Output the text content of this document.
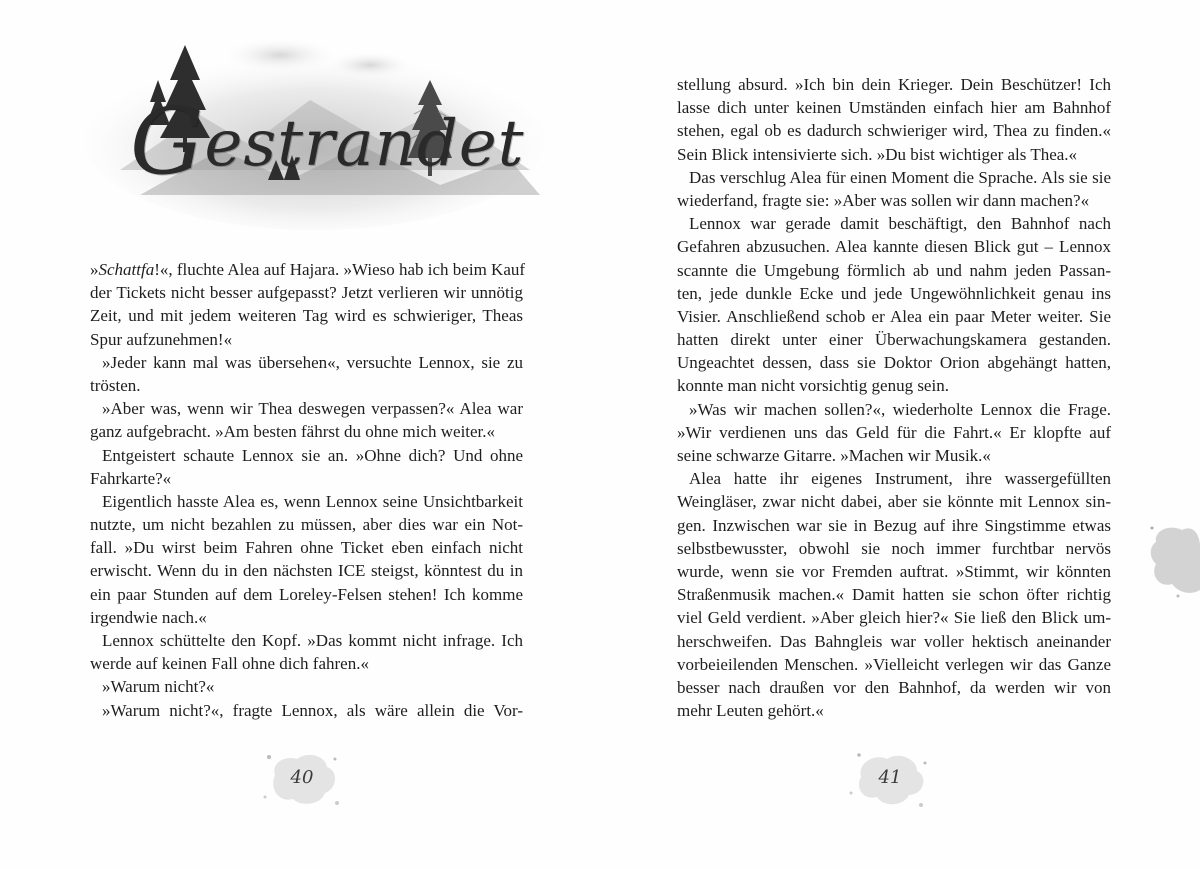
Gestrandet
»Schattfa!«, fluchte Alea auf Hajara. »Wieso hab ich beim Kauf
der Tickets nicht besser aufgepasst? Jetzt verlieren wir unnötig
Zeit, und mit jedem weiteren Tag wird es schwieriger, Theas
Spur aufzunehmen!«
»Jeder kann mal was übersehen«, versuchte Lennox, sie zu
trösten.
»Aber was, wenn wir Thea deswegen verpassen?« Alea war
ganz aufgebracht. »Am besten fährst du ohne mich weiter.«
Entgeistert schaute Lennox sie an. »Ohne dich? Und ohne
Fahrkarte?«
Eigentlich hasste Alea es, wenn Lennox seine Unsichtbarkeit
nutzte, um nicht bezahlen zu müssen, aber dies war ein Not-
fall. »Du wirst beim Fahren ohne Ticket eben einfach nicht
erwischt. Wenn du in den nächsten ICE steigst, könntest du in
ein paar Stunden auf dem Loreley-Felsen stehen! Ich komme
irgendwie nach.«
Lennox schüttelte den Kopf. »Das kommt nicht infrage. Ich
werde auf keinen Fall ohne dich fahren.«
»Warum nicht?«
»Warum nicht?«, fragte Lennox, als wäre allein die Vor-
40
stellung absurd. »Ich bin dein Krieger. Dein Beschützer! Ich
lasse dich unter keinen Umständen einfach hier am Bahnhof
stehen, egal ob es dadurch schwieriger wird, Thea zu finden.«
Sein Blick intensivierte sich. »Du bist wichtiger als Thea.«
Das verschlug Alea für einen Moment die Sprache. Als sie sie
wiederfand, fragte sie: »Aber was sollen wir dann machen?«
Lennox war gerade damit beschäftigt, den Bahnhof nach
Gefahren abzusuchen. Alea kannte diesen Blick gut – Lennox
scannte die Umgebung förmlich ab und nahm jeden Passan-
ten, jede dunkle Ecke und jede Ungewöhnlichkeit genau ins
Visier. Anschließend schob er Alea ein paar Meter weiter. Sie
hatten direkt unter einer Überwachungskamera gestanden.
Ungeachtet dessen, dass sie Doktor Orion abgehängt hatten,
konnte man nicht vorsichtig genug sein.
»Was wir machen sollen?«, wiederholte Lennox die Frage.
»Wir verdienen uns das Geld für die Fahrt.« Er klopfte auf
seine schwarze Gitarre. »Machen wir Musik.«
Alea hatte ihr eigenes Instrument, ihre wassergefüllten
Weingläser, zwar nicht dabei, aber sie könnte mit Lennox sin-
gen. Inzwischen war sie in Bezug auf ihre Singstimme etwas
selbstbewusster, obwohl sie noch immer furchtbar nervös
wurde, wenn sie vor Fremden auftrat. »Stimmt, wir könnten
Straßenmusik machen.« Damit hatten sie schon öfter richtig
viel Geld verdient. »Aber gleich hier?« Sie ließ den Blick um-
herschweifen. Das Bahngleis war voller hektisch aneinander
vorbeieilenden Menschen. »Vielleicht verlegen wir das Ganze
besser nach draußen vor den Bahnhof, da werden wir von
mehr Leuten gehört.«
41
